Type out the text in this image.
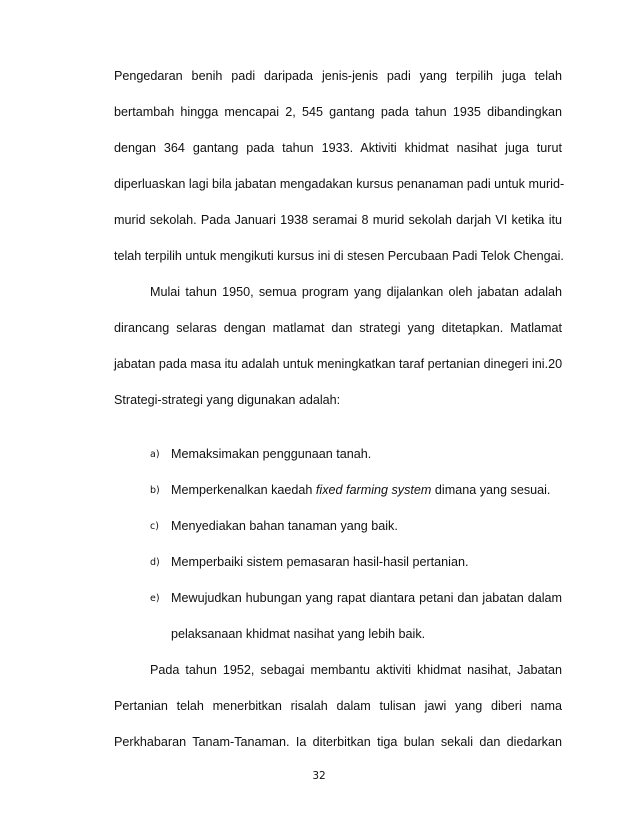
Pengedaran benih padi daripada jenis-jenis padi yang terpilih juga telah
bertambah hingga mencapai 2, 545 gantang pada tahun 1935 dibandingkan
dengan 364 gantang pada tahun 1933. Aktiviti khidmat nasihat juga turut
diperluaskan lagi bila jabatan mengadakan kursus penanaman padi untuk murid-
murid sekolah. Pada Januari 1938 seramai 8 murid sekolah darjah VI ketika itu
telah terpilih untuk mengikuti kursus ini di stesen Percubaan Padi Telok Chengai.
Mulai tahun 1950, semua program yang dijalankan oleh jabatan adalah
dirancang selaras dengan matlamat dan strategi yang ditetapkan. Matlamat
jabatan pada masa itu adalah untuk meningkatkan taraf pertanian dinegeri ini.20
Strategi-strategi yang digunakan adalah:
a) Memaksimakan penggunaan tanah.
b) Memperkenalkan kaedah fixed farming system dimana yang sesuai.
c) Menyediakan bahan tanaman yang baik.
d) Memperbaiki sistem pemasaran hasil-hasil pertanian.
e) Mewujudkan hubungan yang rapat diantara petani dan jabatan dalam
pelaksanaan khidmat nasihat yang lebih baik.
Pada tahun 1952, sebagai membantu aktiviti khidmat nasihat, Jabatan
Pertanian telah menerbitkan risalah dalam tulisan jawi yang diberi nama
Perkhabaran Tanam-Tanaman. Ia diterbitkan tiga bulan sekali dan diedarkan
32
